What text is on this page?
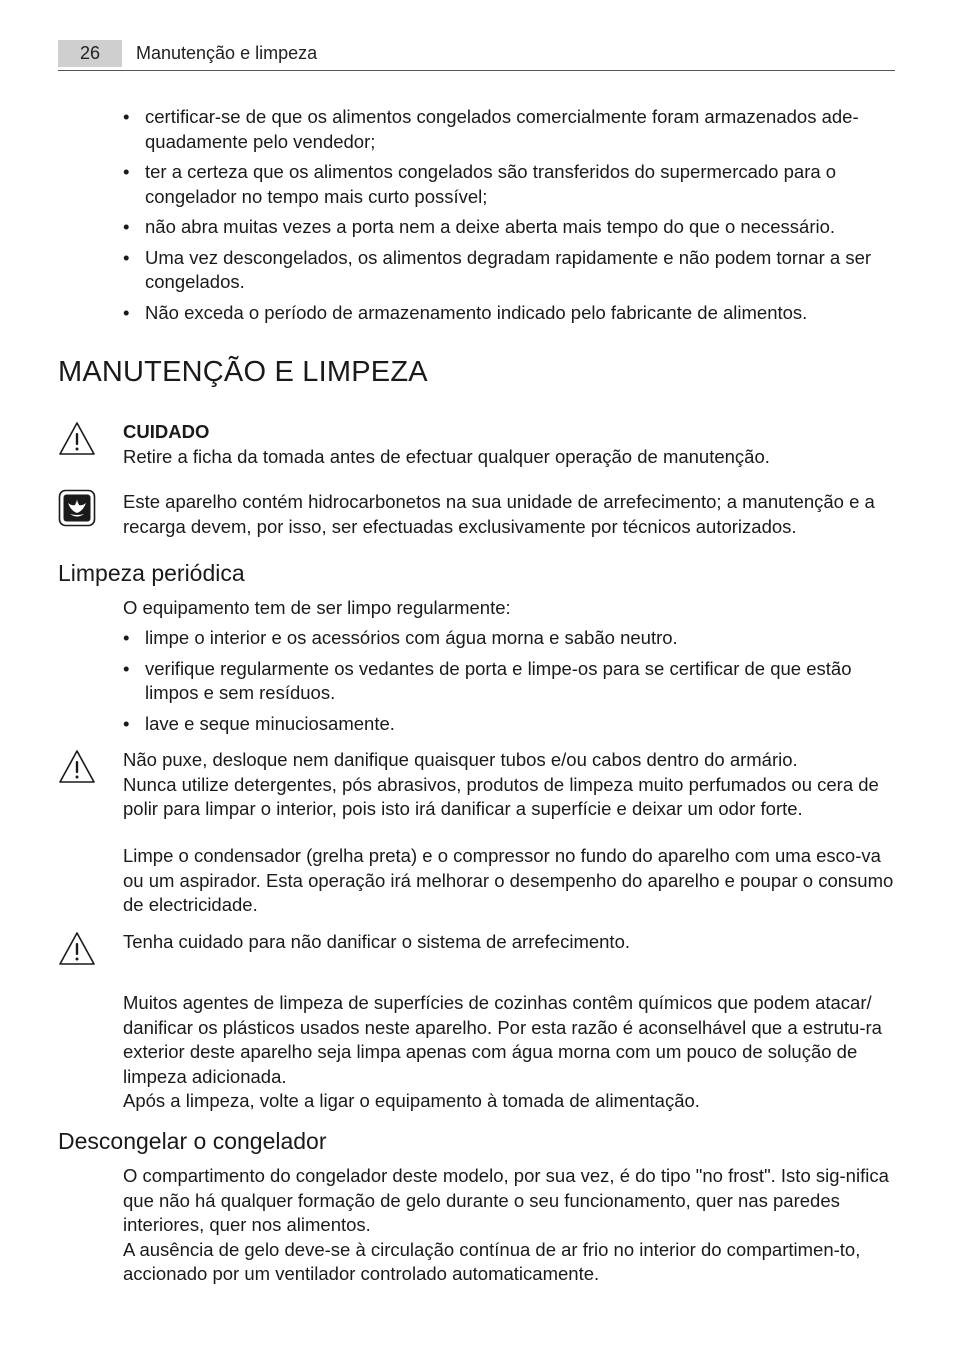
26	Manutenção e limpeza
• certificar-se de que os alimentos congelados comercialmente foram armazenados ade-quadamente pelo vendedor;
• ter a certeza que os alimentos congelados são transferidos do supermercado para o congelador no tempo mais curto possível;
• não abra muitas vezes a porta nem a deixe aberta mais tempo do que o necessário.
• Uma vez descongelados, os alimentos degradam rapidamente e não podem tornar a ser congelados.
• Não exceda o período de armazenamento indicado pelo fabricante de alimentos.
MANUTENÇÃO E LIMPEZA
CUIDADO
Retire a ficha da tomada antes de efectuar qualquer operação de manutenção.
Este aparelho contém hidrocarbonetos na sua unidade de arrefecimento; a manutenção e a recarga devem, por isso, ser efectuadas exclusivamente por técnicos autorizados.
Limpeza periódica
O equipamento tem de ser limpo regularmente:
• limpe o interior e os acessórios com água morna e sabão neutro.
• verifique regularmente os vedantes de porta e limpe-os para se certificar de que estão limpos e sem resíduos.
• lave e seque minuciosamente.
Não puxe, desloque nem danifique quaisquer tubos e/ou cabos dentro do armário.
Nunca utilize detergentes, pós abrasivos, produtos de limpeza muito perfumados ou cera de polir para limpar o interior, pois isto irá danificar a superfície e deixar um odor forte.
Limpe o condensador (grelha preta) e o compressor no fundo do aparelho com uma esco-va ou um aspirador. Esta operação irá melhorar o desempenho do aparelho e poupar o consumo de electricidade.
Tenha cuidado para não danificar o sistema de arrefecimento.
Muitos agentes de limpeza de superfícies de cozinhas contêm químicos que podem atacar/ danificar os plásticos usados neste aparelho. Por esta razão é aconselhável que a estrutu-ra exterior deste aparelho seja limpa apenas com água morna com um pouco de solução de limpeza adicionada.
Após a limpeza, volte a ligar o equipamento à tomada de alimentação.
Descongelar o congelador
O compartimento do congelador deste modelo, por sua vez, é do tipo "no frost". Isto sig-nifica que não há qualquer formação de gelo durante o seu funcionamento, quer nas paredes interiores, quer nos alimentos.
A ausência de gelo deve-se à circulação contínua de ar frio no interior do compartimen-to, accionado por um ventilador controlado automaticamente.
